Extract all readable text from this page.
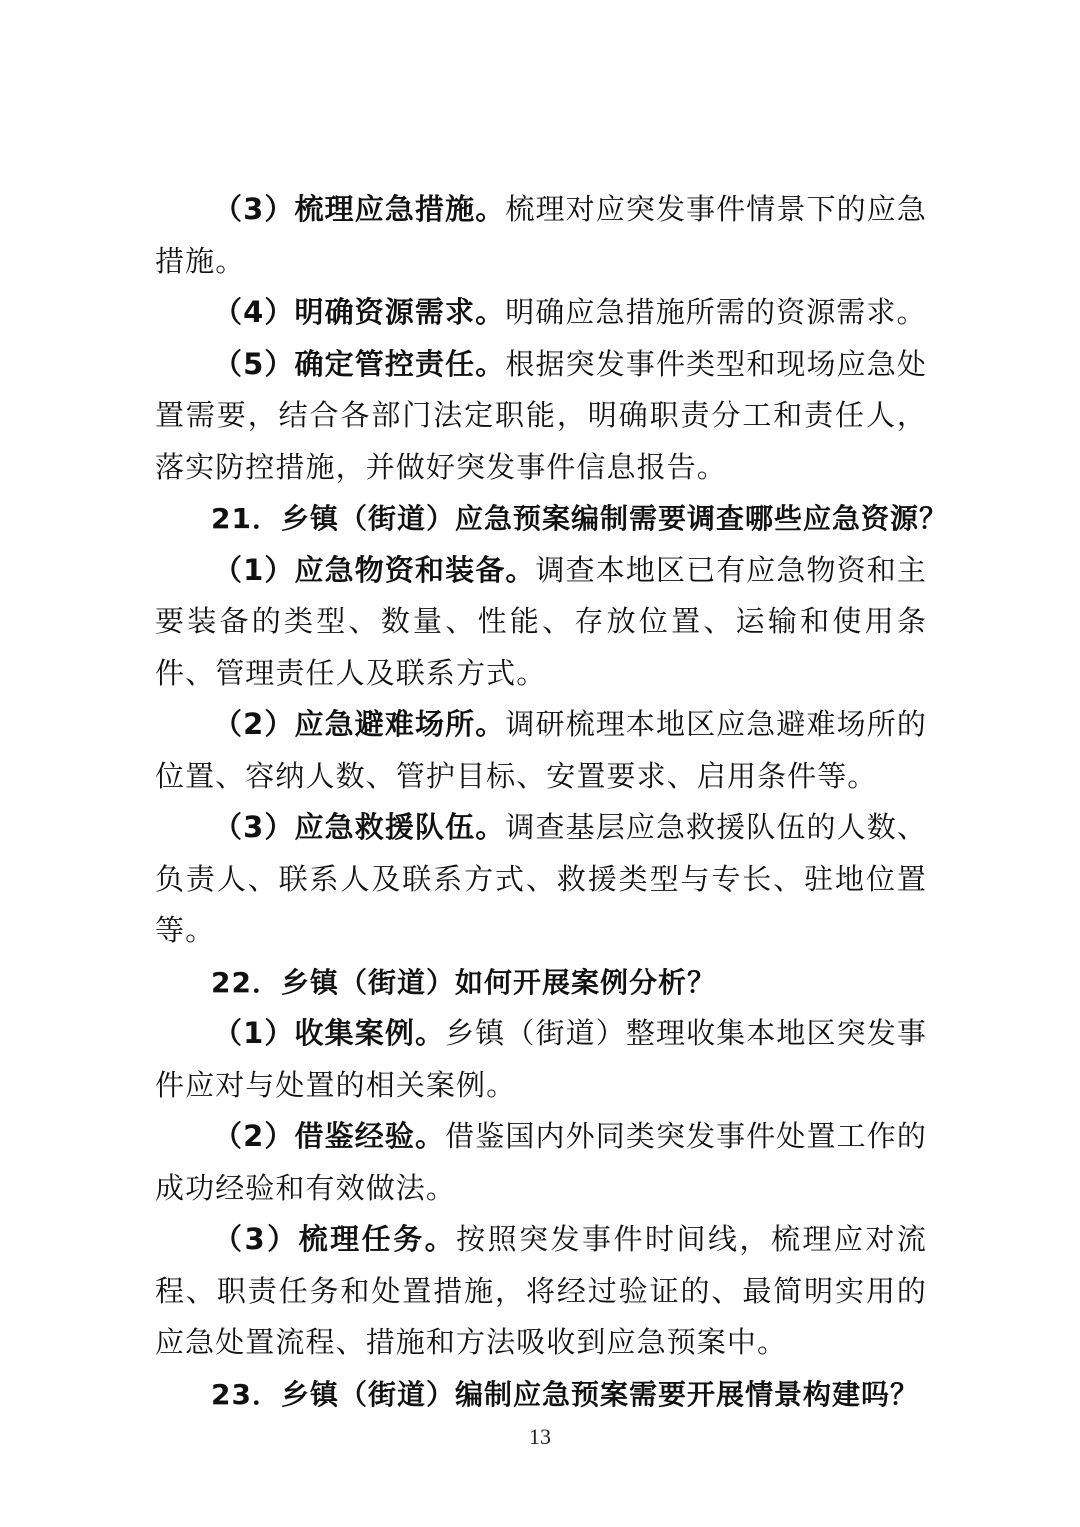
（3）梳理应急措施。梳理对应突发事件情景下的应急措施。

（4）明确资源需求。明确应急措施所需的资源需求。

（5）确定管控责任。根据突发事件类型和现场应急处置需要，结合各部门法定职能，明确职责分工和责任人，落实防控措施，并做好突发事件信息报告。

21．乡镇（街道）应急预案编制需要调查哪些应急资源？

（1）应急物资和装备。调查本地区已有应急物资和主要装备的类型、数量、性能、存放位置、运输和使用条件、管理责任人及联系方式。

（2）应急避难场所。调研梳理本地区应急避难场所的位置、容纳人数、管护目标、安置要求、启用条件等。

（3）应急救援队伍。调查基层应急救援队伍的人数、负责人、联系人及联系方式、救援类型与专长、驻地位置等。

22．乡镇（街道）如何开展案例分析？

（1）收集案例。乡镇（街道）整理收集本地区突发事件应对与处置的相关案例。

（2）借鉴经验。借鉴国内外同类突发事件处置工作的成功经验和有效做法。

（3）梳理任务。按照突发事件时间线，梳理应对流程、职责任务和处置措施，将经过验证的、最简明实用的应急处置流程、措施和方法吸收到应急预案中。

23．乡镇（街道）编制应急预案需要开展情景构建吗？

13
